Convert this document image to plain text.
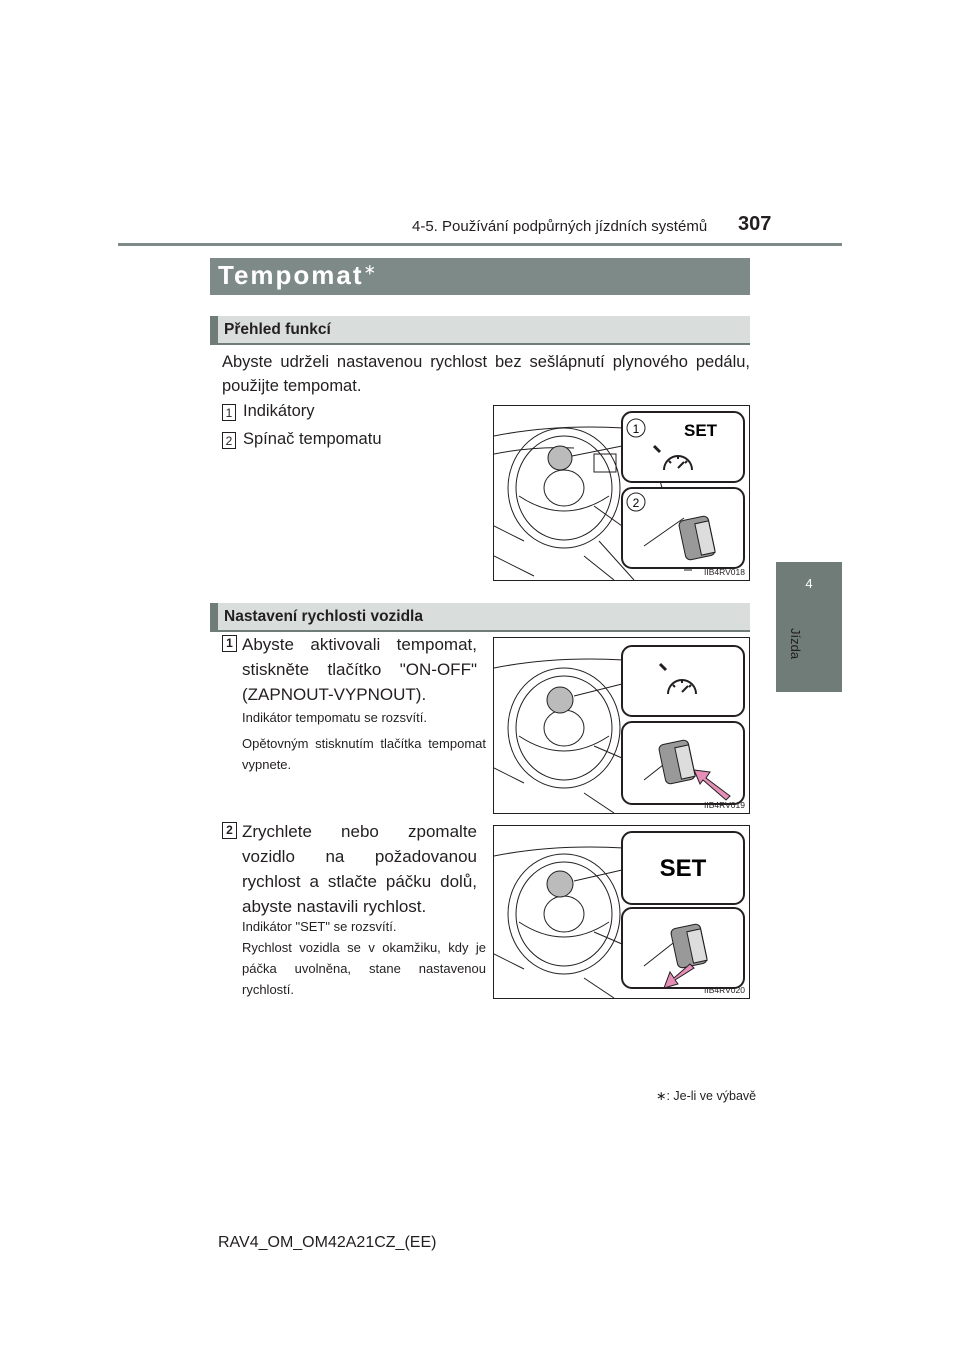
4-5. Používání podpůrných jízdních systémů 307
4
Jízda
Tempomat∗
Přehled funkcí
Abyste udrželi nastavenou rychlost bez sešlápnutí plynového pedálu, použijte tempomat.
1 Indikátory
2 Spínač tempomatu
1
2
SET
IIB4RV018
Nastavení rychlosti vozidla
1 Abyste aktivovali tempomat, stiskněte tlačítko "ON-OFF" (ZAPNOUT-VYPNOUT).
Indikátor tempomatu se rozsvítí.
Opětovným stisknutím tlačítka tempomat vypnete.
IIB4RV019
2 Zrychlete nebo zpomalte vozidlo na požadovanou rychlost a stlačte páčku dolů, abyste nastavili rychlost.
Indikátor "SET" se rozsvítí.
Rychlost vozidla se v okamžiku, kdy je páčka uvolněna, stane nastavenou rychlostí.
SET
IIB4RV020
∗: Je-li ve výbavě
RAV4_OM_OM42A21CZ_(EE)
